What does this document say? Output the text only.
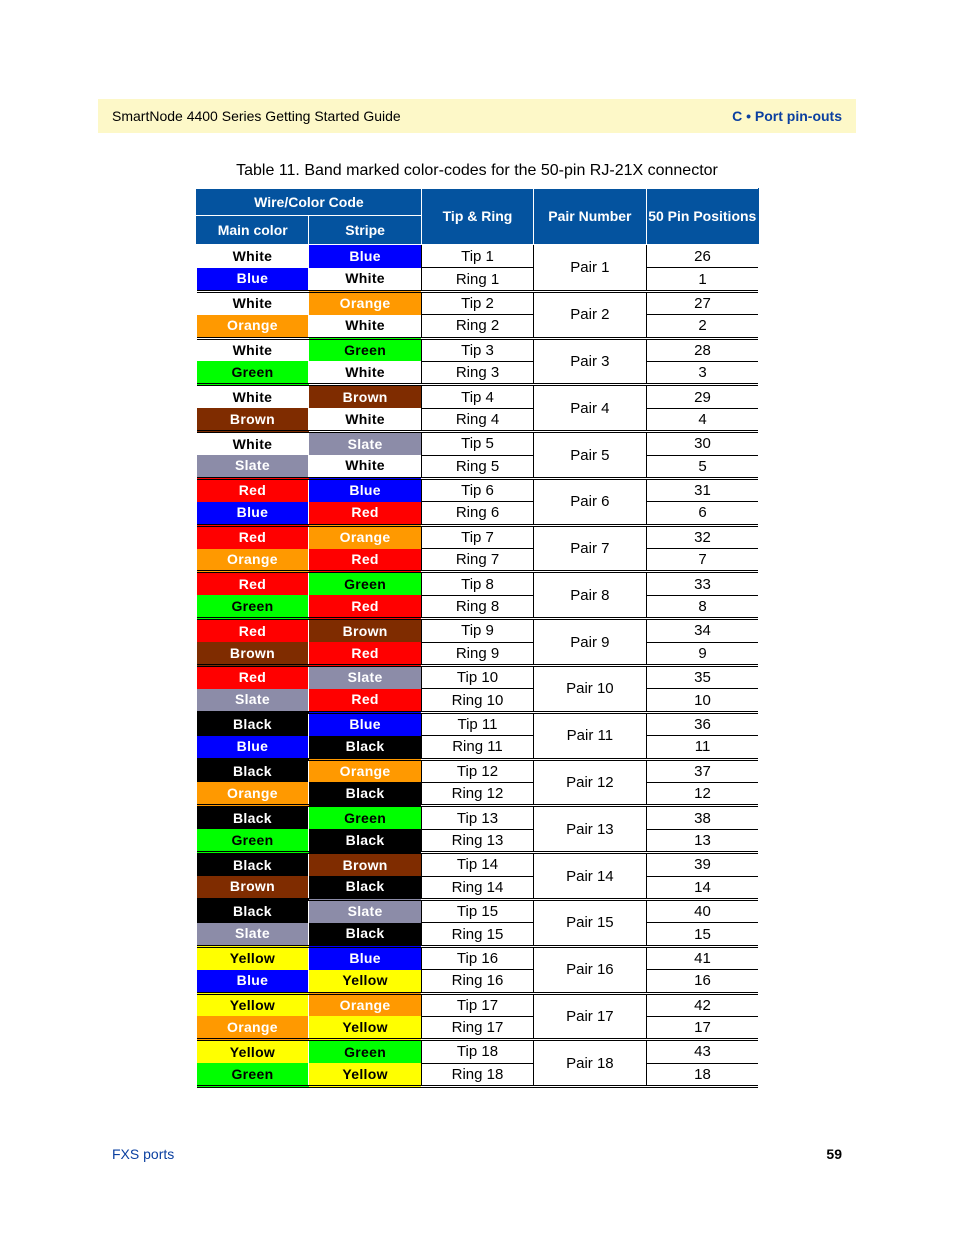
SmartNode 4400 Series Getting Started Guide	C • Port pin-outs
Table 11. Band marked color-codes for the 50-pin RJ-21X connector
Wire/Color Code		Tip & Ring	Pair Number	50 Pin Positions
Main color	Stripe			
White	Blue	Tip 1	Pair 1	26
Blue	White	Ring 1		1
White	Orange	Tip 2	Pair 2	27
Orange	White	Ring 2		2
White	Green	Tip 3	Pair 3	28
Green	White	Ring 3		3
White	Brown	Tip 4	Pair 4	29
Brown	White	Ring 4		4
White	Slate	Tip 5	Pair 5	30
Slate	White	Ring 5		5
Red	Blue	Tip 6	Pair 6	31
Blue	Red	Ring 6		6
Red	Orange	Tip 7	Pair 7	32
Orange	Red	Ring 7		7
Red	Green	Tip 8	Pair 8	33
Green	Red	Ring 8		8
Red	Brown	Tip 9	Pair 9	34
Brown	Red	Ring 9		9
Red	Slate	Tip 10	Pair 10	35
Slate	Red	Ring 10		10
Black	Blue	Tip 11	Pair 11	36
Blue	Black	Ring 11		11
Black	Orange	Tip 12	Pair 12	37
Orange	Black	Ring 12		12
Black	Green	Tip 13	Pair 13	38
Green	Black	Ring 13		13
Black	Brown	Tip 14	Pair 14	39
Brown	Black	Ring 14		14
Black	Slate	Tip 15	Pair 15	40
Slate	Black	Ring 15		15
Yellow	Blue	Tip 16	Pair 16	41
Blue	Yellow	Ring 16		16
Yellow	Orange	Tip 17	Pair 17	42
Orange	Yellow	Ring 17		17
Yellow	Green	Tip 18	Pair 18	43
Green	Yellow	Ring 18		18
FXS ports	59
